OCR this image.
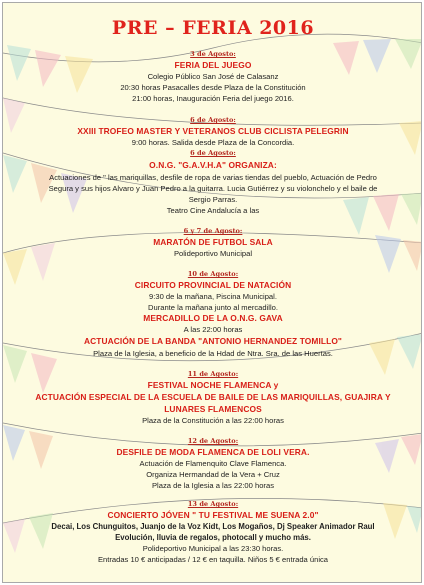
PRE – FERIA 2016
3 de Agosto:
FERIA DEL JUEGO
Colegio Público San José de Calasanz
20:30 horas Pasacalles desde Plaza de la Constitución
21:00 horas, Inauguración Feria del juego 2016.
6 de Agosto:
XXIII TROFEO MASTER Y VETERANOS CLUB CICLISTA PELEGRIN
9:00 horas. Salida desde Plaza de la Concordia.
6 de Agosto:
O.N.G. "G.A.V.H.A" ORGANIZA:
Actuaciones de " las mariquillas, desfile de ropa de varias tiendas del pueblo, Actuación de Pedro
Segura y sus hijos Alvaro y Juan Pedro a la guitarra. Lucia Gutiérrez y su violonchelo y el baile de
Sergio Parras.
Teatro Cine Andalucía a las
6 y 7 de Agosto:
MARATÓN DE FUTBOL SALA
Polideportivo Municipal
10 de Agosto:
CIRCUITO PROVINCIAL DE NATACIÓN
9:30 de la mañana, Piscina Municipal.
Durante la mañana junto al mercadillo.
MERCADILLO DE LA O.N.G. GAVA
A las 22:00 horas
ACTUACIÓN DE LA BANDA "ANTONIO HERNANDEZ TOMILLO"
Plaza de la Iglesia, a beneficio de la Hdad de Ntra. Sra. de las Huertas.
11 de Agosto:
FESTIVAL NOCHE FLAMENCA y
ACTUACIÓN ESPECIAL DE LA ESCUELA DE BAILE DE LAS MARIQUILLAS, GUAJIRA Y
LUNARES FLAMENCOS
Plaza de la Constitución a las 22:00 horas
12 de Agosto:
DESFILE DE MODA FLAMENCA DE LOLI VERA.
Actuación de Flamenquito Clave Flamenca.
Organiza Hermandad de la Vera + Cruz
Plaza de la Iglesia a las 22:00 horas
13 de Agosto:
CONCIERTO JÓVEN " TU FESTIVAL ME SUENA 2.0"
Decai, Los Chunguitos, Juanjo de la Voz Kidt, Los Mogaños, Dj Speaker Animador Raul
Evolución, lluvia de regalos, photocall y mucho más.
Polideportivo Municipal a las 23:30 horas.
Entradas 10 € anticipadas / 12 € en taquilla. Niños 5 € entrada única
